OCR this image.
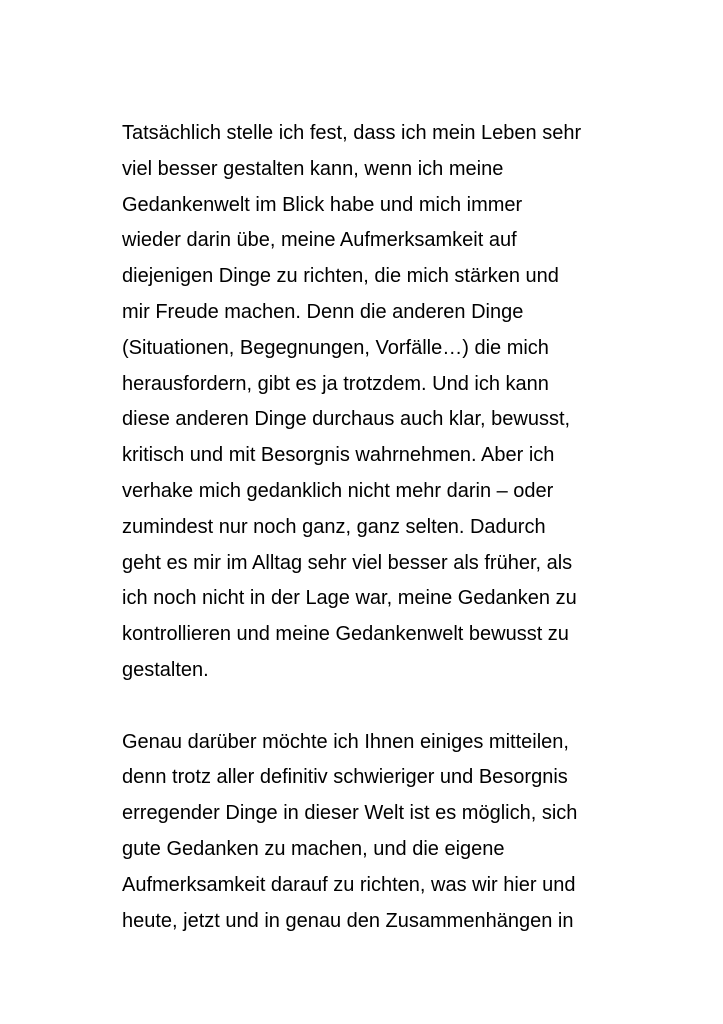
Tatsächlich stelle ich fest, dass ich mein Leben sehr
viel besser gestalten kann, wenn ich meine
Gedankenwelt im Blick habe und mich immer
wieder darin übe, meine Aufmerksamkeit auf
diejenigen Dinge zu richten, die mich stärken und
mir Freude machen. Denn die anderen Dinge
(Situationen, Begegnungen, Vorfälle…) die mich
herausfordern, gibt es ja trotzdem. Und ich kann
diese anderen Dinge durchaus auch klar, bewusst,
kritisch und mit Besorgnis wahrnehmen. Aber ich
verhake mich gedanklich nicht mehr darin – oder
zumindest nur noch ganz, ganz selten. Dadurch
geht es mir im Alltag sehr viel besser als früher, als
ich noch nicht in der Lage war, meine Gedanken zu
kontrollieren und meine Gedankenwelt bewusst zu
gestalten.
Genau darüber möchte ich Ihnen einiges mitteilen,
denn trotz aller definitiv schwieriger und Besorgnis
erregender Dinge in dieser Welt ist es möglich, sich
gute Gedanken zu machen, und die eigene
Aufmerksamkeit darauf zu richten, was wir hier und
heute, jetzt und in genau den Zusammenhängen in
